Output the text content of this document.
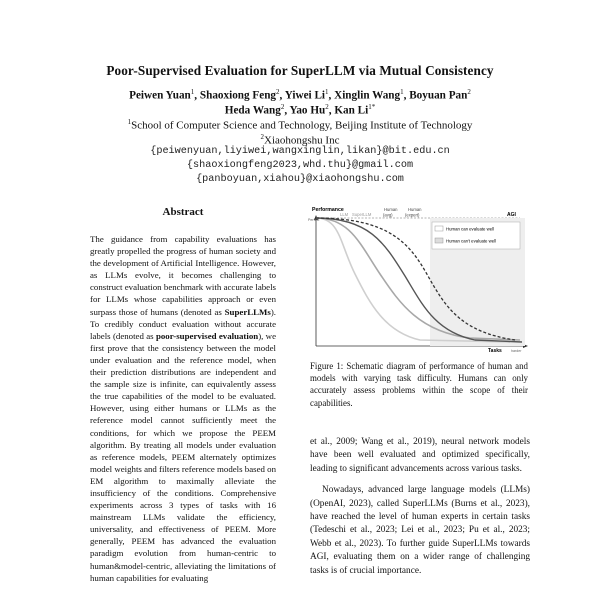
Poor-Supervised Evaluation for SuperLLM via Mutual Consistency
Peiwen Yuan$^1$, Shaoxiong Feng$^2$, Yiwei Li$^1$, Xinglin Wang$^1$, Boyuan Pan$^2$
Heda Wang$^2$, Yao Hu$^2$, Kan $Li^{1*}$
$^1$School of Computer Science and Technology, Beijing Institute of Technology
$^2$Xiaohongshu Inc
{peiwenyuan,liyiwei,wangxinglin,likan}@bit.edu.cn
{shaoxiongfeng2023,whd.thu}@gmail.com
{panboyuan,xiahou}@xiaohongshu.com
Abstract
The guidance from capability evaluations has greatly propelled the progress of human society and the development of Artificial Intelligence. However, as LLMs evolve, it becomes challenging to construct evaluation benchmark with accurate labels for LLMs whose capabilities approach or even surpass those of humans (denoted as SuperLLMs). To credibly conduct evaluation without accurate labels (denoted as poor-supervised evaluation), we first prove that the consistency between the model under evaluation and the reference model, when their prediction distributions are independent and the sample size is infinite, can equivalently assess the true capabilities of the model to be evaluated. However, using either humans or LLMs as the reference model cannot sufficiently meet the conditions, for which we propose the PEEM algorithm. By treating all models under evaluation as reference models, PEEM alternately optimizes model weights and filters reference models based on EM algorithm to maximally alleviate the insufficiency of the conditions. Comprehensive experiments across 3 types of tasks with 16 mainstream LLMs validate the efficiency, universality, and effectiveness of PEEM. More generally, PEEM has advanced the evaluation paradigm evolution from human-centric to human&model-centric, alleviating the limitations of human capabilities for evaluating
Performance
Perfect
Tasks	harder
LLM SuperLLM
Human (avg)
Human (expert)	AGI
Human can evaluate well
Human can't evaluate well
Figure 1: Schematic diagram of performance of human and models with varying task difficulty. Humans can only accurately assess problems within the scope of their capabilities.

et al., 2009; Wang et al., 2019), neural network models have been well evaluated and optimized specifically, leading to significant advancements across various tasks.

Nowadays, advanced large language models (LLMs) (OpenAI, 2023), called SuperLLMs (Burns et al., 2023), have reached the level of human experts in certain tasks (Tedeschi et al., 2023; Lei et al., 2023; Pu et al., 2023; Webb et al., 2023). To further guide SuperLLMs towards AGI, evaluating them on a wider range of challenging tasks is of crucial importance.
